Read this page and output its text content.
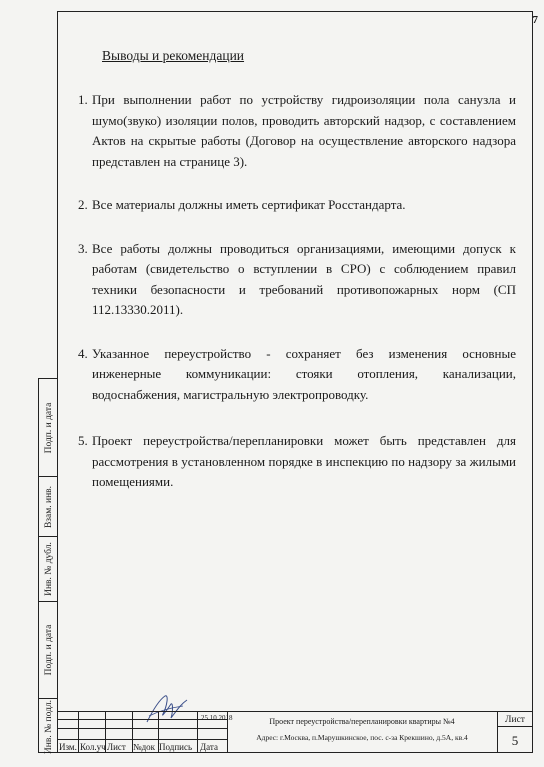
7
Выводы и рекомендации
1. При выполнении работ по устройству гидроизоляции пола санузла и шумо(звуко) изоляции полов, проводить авторский надзор, с составлением Актов на скрытые работы (Договор на осуществление авторского надзора представлен на странице 3).
2. Все материалы должны иметь сертификат Росстандарта.
3. Все работы должны проводиться организациями, имеющими допуск к работам (свидетельство о вступлении в СРО) с соблюдением правил техники безопасности и требований противопожарных норм (СП 112.13330.2011).
4. Указанное переустройство - сохраняет без изменения основные инженерные коммуникации: стояки отопления, канализации, водоснабжения, магистральную электропроводку.
5. Проект переустройства/перепланировки может быть представлен для рассмотрения в установленном порядке в инспекцию по надзору за жилыми помещениями.
Подп. и дата
Взам. инв.
Инв. № дубл.
Подп. и дата
Инв. № подл. Изм. Кол.уч Лист №док Подпись Дата
25.10.2018	Проект переустройства/перепланировки квартиры №4
Адрес: г.Москва, п.Марушкинское, пос. с-за Крекшино, д.5А, кв.4
Лист
5
